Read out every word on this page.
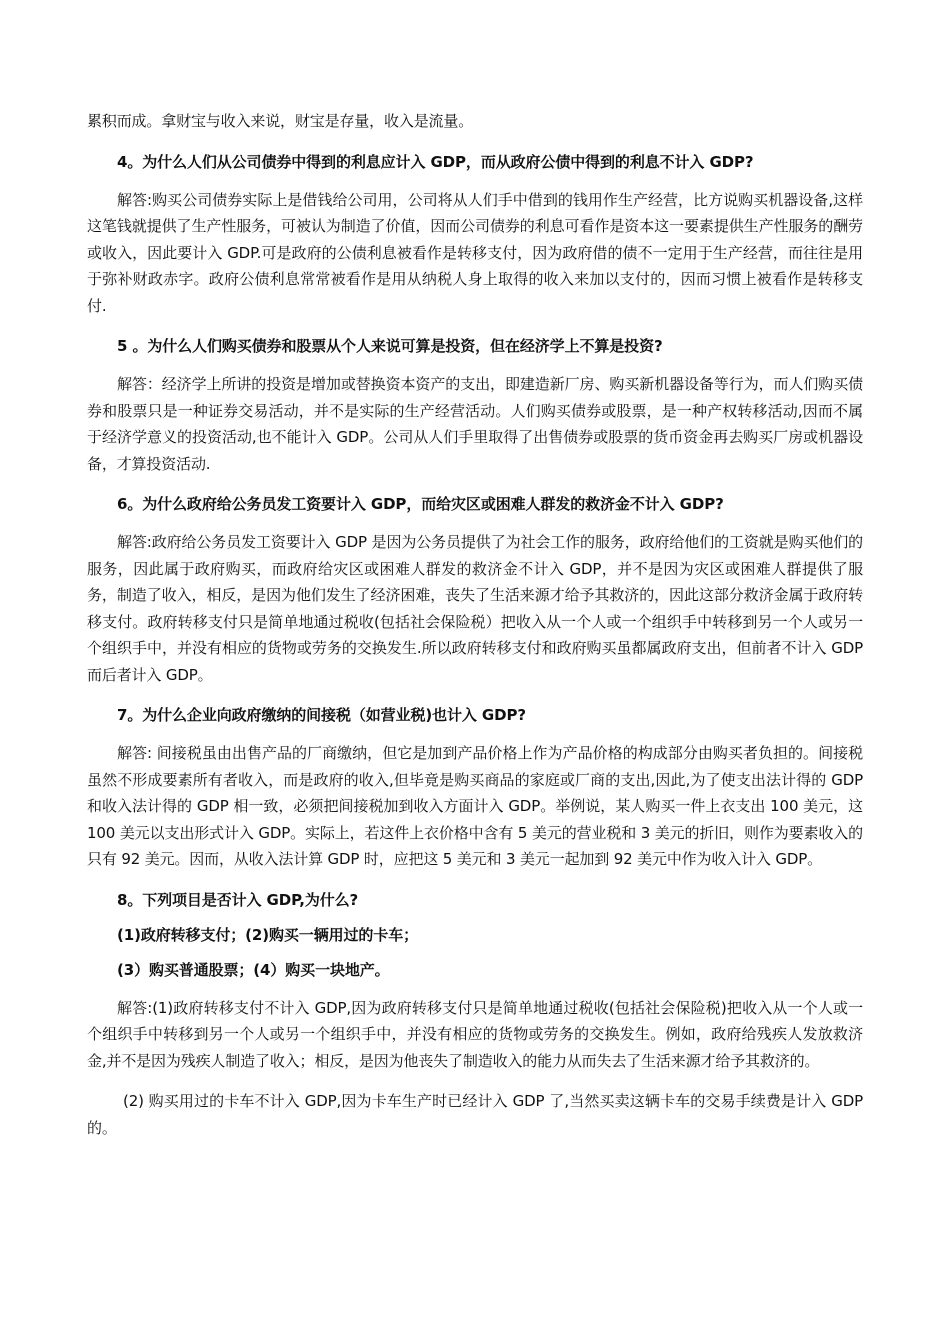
累积而成。拿财宝与收入来说，财宝是存量，收入是流量。

4。为什么人们从公司债券中得到的利息应计入 GDP，而从政府公债中得到的利息不计入 GDP?

解答:购买公司债券实际上是借钱给公司用，公司将从人们手中借到的钱用作生产经营，比方说购买机器设备,这样这笔钱就提供了生产性服务，可被认为制造了价值，因而公司债券的利息可看作是资本这一要素提供生产性服务的酬劳或收入，因此要计入 GDP.可是政府的公债利息被看作是转移支付，因为政府借的债不一定用于生产经营，而往往是用于弥补财政赤字。政府公债利息常常被看作是用从纳税人身上取得的收入来加以支付的，因而习惯上被看作是转移支付.

5 。为什么人们购买债券和股票从个人来说可算是投资，但在经济学上不算是投资?

解答：经济学上所讲的投资是增加或替换资本资产的支出，即建造新厂房、购买新机器设备等行为，而人们购买债券和股票只是一种证券交易活动，并不是实际的生产经营活动。人们购买债券或股票，是一种产权转移活动,因而不属于经济学意义的投资活动,也不能计入 GDP。公司从人们手里取得了出售债券或股票的货币资金再去购买厂房或机器设备，才算投资活动.

6。为什么政府给公务员发工资要计入 GDP，而给灾区或困难人群发的救济金不计入 GDP?

解答:政府给公务员发工资要计入 GDP 是因为公务员提供了为社会工作的服务，政府给他们的工资就是购买他们的服务，因此属于政府购买，而政府给灾区或困难人群发的救济金不计入 GDP，并不是因为灾区或困难人群提供了服务，制造了收入，相反，是因为他们发生了经济困难，丧失了生活来源才给予其救济的，因此这部分救济金属于政府转移支付。政府转移支付只是简单地通过税收(包括社会保险税）把收入从一个人或一个组织手中转移到另一个人或另一个组织手中，并没有相应的货物或劳务的交换发生.所以政府转移支付和政府购买虽都属政府支出，但前者不计入 GDP 而后者计入 GDP。

7。为什么企业向政府缴纳的间接税（如营业税)也计入 GDP?

解答: 间接税虽由出售产品的厂商缴纳，但它是加到产品价格上作为产品价格的构成部分由购买者负担的。间接税虽然不形成要素所有者收入，而是政府的收入,但毕竟是购买商品的家庭或厂商的支出,因此,为了使支出法计得的 GDP 和收入法计得的 GDP 相一致，必须把间接税加到收入方面计入 GDP。举例说，某人购买一件上衣支出 100 美元，这 100 美元以支出形式计入 GDP。实际上，若这件上衣价格中含有 5 美元的营业税和 3 美元的折旧，则作为要素收入的只有 92 美元。因而，从收入法计算 GDP 时，应把这 5 美元和 3 美元一起加到 92 美元中作为收入计入 GDP。

8。下列项目是否计入 GDP,为什么?

(1)政府转移支付；(2)购买一辆用过的卡车；

(3）购买普通股票；(4）购买一块地产。

解答:(1)政府转移支付不计入 GDP,因为政府转移支付只是简单地通过税收(包括社会保险税)把收入从一个人或一个组织手中转移到另一个人或另一个组织手中，并没有相应的货物或劳务的交换发生。例如，政府给残疾人发放救济金,并不是因为残疾人制造了收入；相反，是因为他丧失了制造收入的能力从而失去了生活来源才给予其救济的。

(2) 购买用过的卡车不计入 GDP,因为卡车生产时已经计入 GDP 了,当然买卖这辆卡车的交易手续费是计入 GDP 的。
